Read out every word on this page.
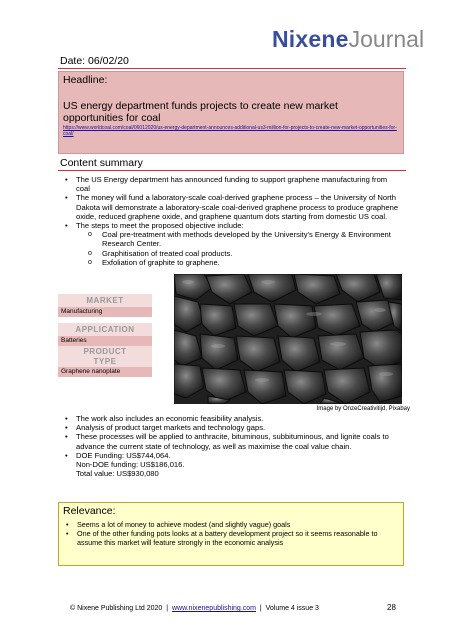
NixeneJournal
Date: 06/02/20
Headline:
US energy department funds projects to create new market opportunities for coal
https://www.worldcoal.com/coal/06012020/us-energy-department-announces-additional-us3-million-for-projects-to-create-new-market-opportunities-for-coal/
Content summary
• The US Energy department has announced funding to support graphene manufacturing from coal
• The money will fund a laboratory-scale coal-derived graphene process – the University of North Dakota will demonstrate a laboratory-scale coal-derived graphene process to produce graphene oxide, reduced graphene oxide, and graphene quantum dots starting from domestic US coal.
• The steps to meet the proposed objective include:
o Coal pre-treatment with methods developed by the University's Energy & Environment Research Center.
o Graphitisation of treated coal products.
o Exfoliation of graphite to graphene.
MARKET
Manufacturing
APPLICATION
Batteries
PRODUCT
TYPE
Graphene nanoplate
Image by OnzeCreativitijd, Pixabay
• The work also includes an economic feasibility analysis.
• Analysis of product target markets and technology gaps.
• These processes will be applied to anthracite, bituminous, subbituminous, and lignite coals to advance the current state of technology, as well as maximise the coal value chain.
• DOE Funding: US$744,064.
Non-DOE funding: US$186,016.
Total value: US$930,080
Relevance:
• Seems a lot of money to achieve modest (and slightly vague) goals
• One of the other funding pots looks at a battery development project so it seems reasonable to assume this market will feature strongly in the economic analysis
© Nixene Publishing Ltd 2020 | www.nixenepublishing.com | Volume 4 issue 3	28
